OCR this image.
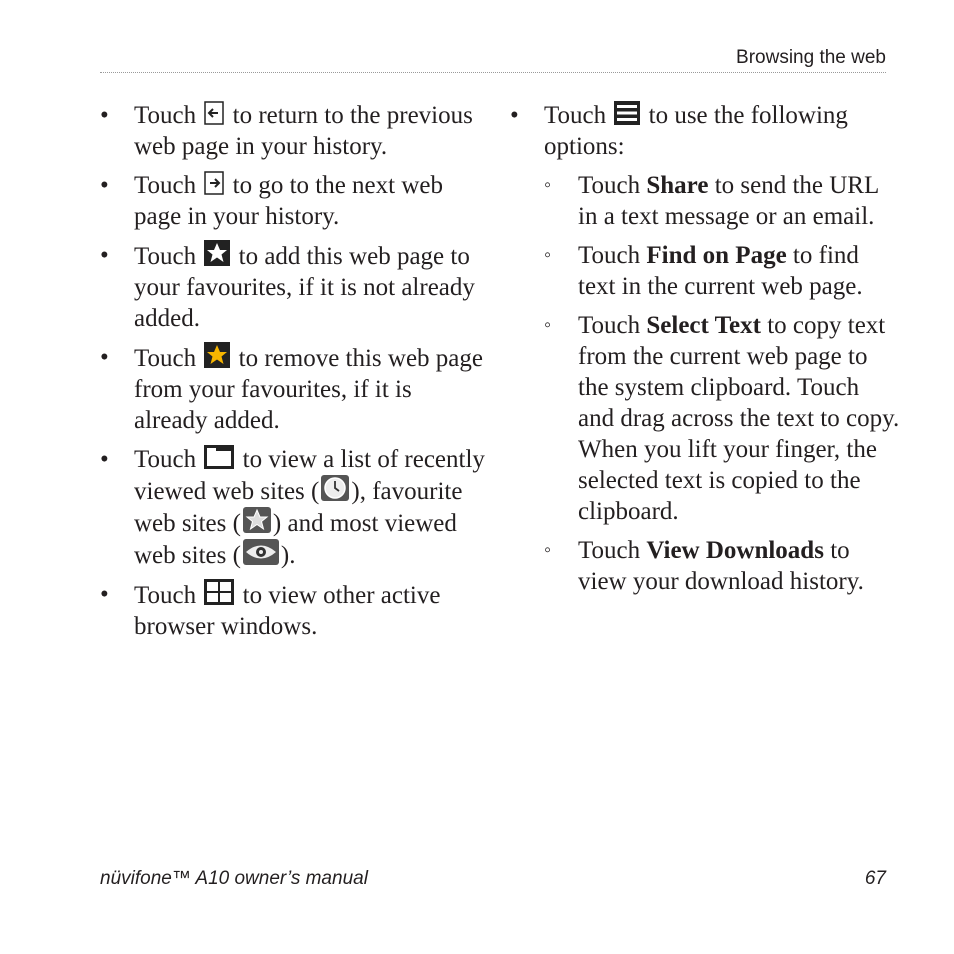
Browsing the web
• Touch to return to the previous web page in your history.
• Touch to go to the next web page in your history.
• Touch to add this web page to your favourites, if it is not already added.
• Touch to remove this web page from your favourites, if it is already added.
• Touch to view a list of recently viewed web sites ( ), favourite web sites ( ) and most viewed web sites ( ).
• Touch to view other active browser windows.
• Touch to use the following options:
◦ Touch Share to send the URL in a text message or an email.
◦ Touch Find on Page to find text in the current web page.
◦ Touch Select Text to copy text from the current web page to the system clipboard. Touch and drag across the text to copy. When you lift your finger, the selected text is copied to the clipboard.
◦ Touch View Downloads to view your download history.
nüvifone™ A10 owner’s manual	67
